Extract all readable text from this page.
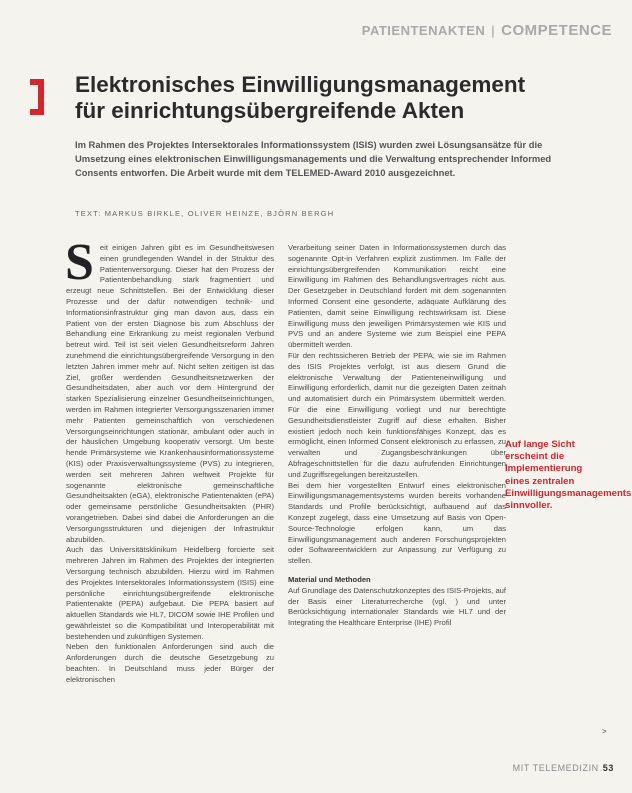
PATIENTENAKTEN | COMPETENCE
Elektronisches Einwilligungsmanagement
für einrichtungsübergreifende Akten

Im Rahmen des Projektes Intersektorales Informationssystem (ISIS) wurden zwei Lösungsansätze für die Umsetzung eines elektronischen Einwilligungsmanagements und die Verwaltung entsprechender Informed Consents entworfen. Die Arbeit wurde mit dem TELEMED-Award 2010 ausgezeichnet.

TEXT: MARKUS BIRKLE, OLIVER HEINZE, BJÖRN BERGH

Seit einigen Jahren gibt es im Gesundheitswesen einen grundlegenden Wandel in der Struktur des Patientenversorgung. Dieser hat den Prozess der Patientenbehandlung stark fragmentiert und erzeugt neue Schnittstellen. Bei der Entwicklung dieser Prozesse und der dafür notwendigen technik- und Informationsinfrastruktur ging man davon aus, dass ein Patient von der ersten Diagnose bis zum Abschluss der Behandlung eine Erkrankung zu meist regionalen Verbund betreut wird. Teil ist seit vielen Gesundheitsreform Jahren zunehmend die einrichtungsübergreifende Versorgung in den letzten Jahren immer mehr auf. Nicht selten zeitigen ist das Ziel, größer werdenden Gesundheitsnetzwerken der Gesundheitsdaten, aber auch vor dem Hintergrund der starken Spezialisierung einzelner Gesundheitseinrichtungen, werden im Rahmen integrierter Versorgungsszenarien immer mehr Patienten gemeinschaftlich von verschiedenen Versorgungseinrichtungen stationär, ambulant oder auch in der häuslichen Umgebung kooperativ versorgt. Um beste hende Primärsysteme wie Krankenhausinformationssysteme (KIS) oder Praxisverwaltungssysteme (PVS) zu integrieren, werden seit mehreren Jahren weltweit Projekte für sogenannte elektronische gemeinschaftliche Gesundheitsakten (eGA), elektronische Patientenakten (ePA) oder gemeinsame persönliche Gesundheitsakten (PHR) vorangetrieben. Dabei sind dabei die Anforderungen an die Versorgungsstrukturen und diejenigen der Infrastruktur abzubilden.

Auch das Universitätsklinikum Heidelberg forcierte seit mehreren Jahren im Rahmen des Projektes der integrierten Versorgung technisch abzubilden. Hierzu wird im Rahmen des Projektes Intersektorales Informationssystem (ISIS) eine persönliche einrichtungsübergreifende elektronische Patientenakte (PEPA) aufgebaut. Die PEPA basiert auf aktuellen Standards wie HL7, DICOM sowie IHE Profilen und gewährleistet so die Kompatibilität und Interoperabilität mit bestehenden und zukünftigen Systemen.

Neben den funktionalen Anforderungen sind auch die Anforderungen durch die deutsche Gesetzgebung zu beachten. In Deutschland muss jeder Bürger der elektronischen

Verarbeitung seiner Daten in Informationssystemen durch das sogenannte Opt-in Verfahren explizit zustimmen. Im Falle der einrichtungsübergreifenden Kommunikation reicht eine Einwilligung im Rahmen des Behandlungsvertrages nicht aus. Der Gesetzgeber in Deutschland fordert mit dem sogenannten Informed Consent eine gesonderte, adäquate Aufklärung des Patienten, damit seine Einwilligung rechtswirksam ist. Diese Einwilligung muss den jeweiligen Primärsystemen wie KIS und PVS und an andere Systeme wie zum Beispiel eine PEPA übermittelt werden.

Für den rechtssicheren Betrieb der PEPA, wie sie im Rahmen des ISIS Projektes verfolgt, ist aus diesem Grund die elektronische Verwaltung der Patienteneinwilligung und Einwilligung erforderlich, damit nur die gezeigten Daten zeitnah und automatisiert durch ein Primärsystem übermittelt werden. Für die eine Einwilligung vorliegt und nur berechtigte Gesundheitsdienstleister Zugriff auf diese erhalten. Bisher existiert jedoch noch kein funktionsfähiges Konzept, das es ermöglicht, einen Informed Consent elektronisch zu erfassen, zu verwalten und Zugangsbeschränkungen über Abfrageschnittstellen für die dazu aufrufenden Einrichtungen und Zugriffsregelungen bereitzustellen.

Bei dem hier vorgestellten Entwurf eines elektronischen Einwilligungsmanagementsystems wurden bereits vorhandene Standards und Profile berücksichtigt, aufbauend auf das Konzept zugelegt, dass eine Umsetzung auf Basis von Open-Source-Technologie erfolgen kann, um das Einwilligungsmanagement auch anderen Forschungsprojekten oder Softwareentwicklern zur Anpassung zur Verfügung zu stellen.

Material und Methoden

Auf Grundlage des Datenschutzkonzeptes des ISIS-Projekts, auf der Basis einer Literaturrecherche (vgl. ) und unter Berücksichtigung internationaler Standards wie HL7 und der Integrating the Healthcare Enterprise (IHE) Profil

Auf lange Sicht erscheint die Implementierung eines zentralen Einwilligungsmanagements sinnvoller.
>
MIT TELEMEDIZIN 53
